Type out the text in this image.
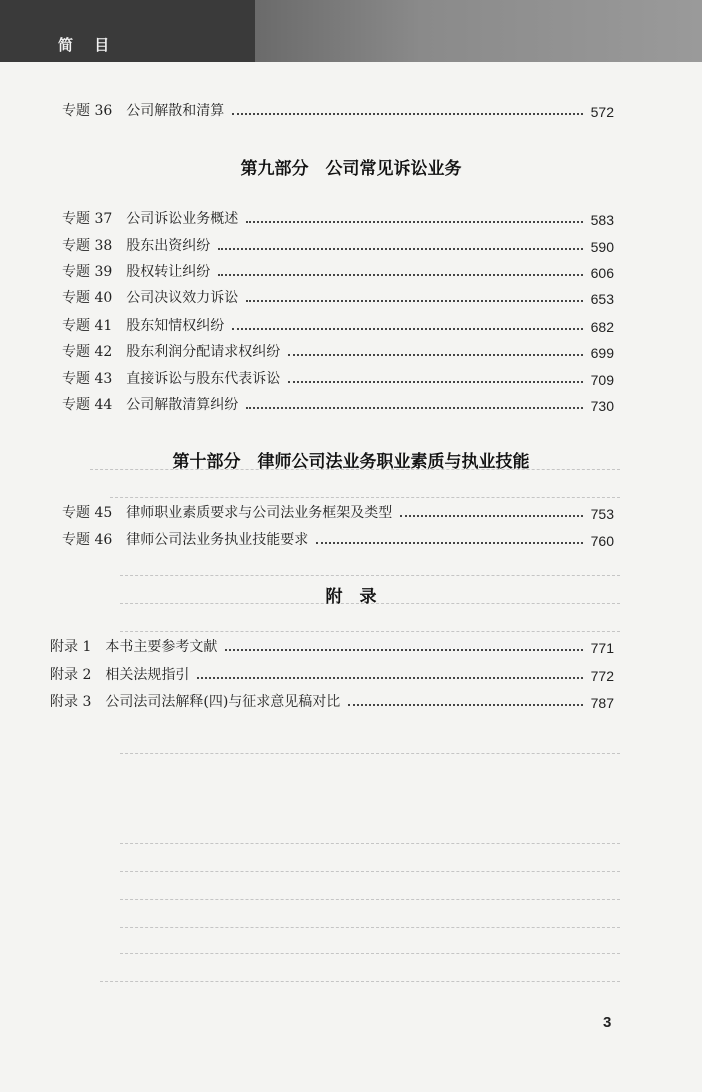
简 目
专题 36 公司解散和清算	572
第九部分　公司常见诉讼业务
专题 37 公司诉讼业务概述	583
专题 38 股东出资纠纷	590
专题 39 股权转让纠纷	606
专题 40 公司决议效力诉讼	653
专题 41 股东知情权纠纷	682
专题 42 股东利润分配请求权纠纷	699
专题 43 直接诉讼与股东代表诉讼	709
专题 44 公司解散清算纠纷	730
第十部分　律师公司法业务职业素质与执业技能
专题 45 律师职业素质要求与公司法业务框架及类型	753
专题 46 律师公司法业务执业技能要求	760
附　录
附录 1 本书主要参考文献	771
附录 2 相关法规指引	772
附录 3 公司法司法解释(四)与征求意见稿对比	787
3
